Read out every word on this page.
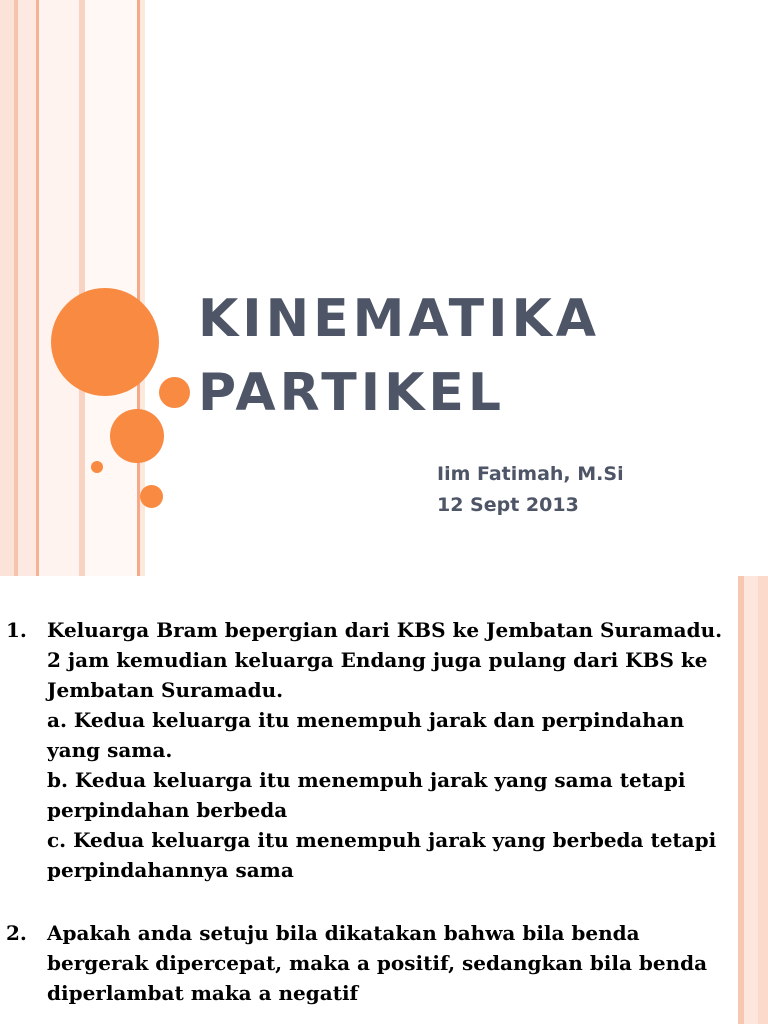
KINEMATIKA
PARTIKEL
Iim Fatimah, M.Si
12 Sept 2013
1. Keluarga Bram bepergian dari KBS ke Jembatan Suramadu.
2 jam kemudian keluarga Endang juga pulang dari KBS ke
Jembatan Suramadu.
a. Kedua keluarga itu menempuh jarak dan perpindahan
yang sama.
b. Kedua keluarga itu menempuh jarak yang sama tetapi
perpindahan berbeda
c. Kedua keluarga itu menempuh jarak yang berbeda tetapi
perpindahannya sama
2. Apakah anda setuju bila dikatakan bahwa bila benda
bergerak dipercepat, maka a positif, sedangkan bila benda
diperlambat maka a negatif
